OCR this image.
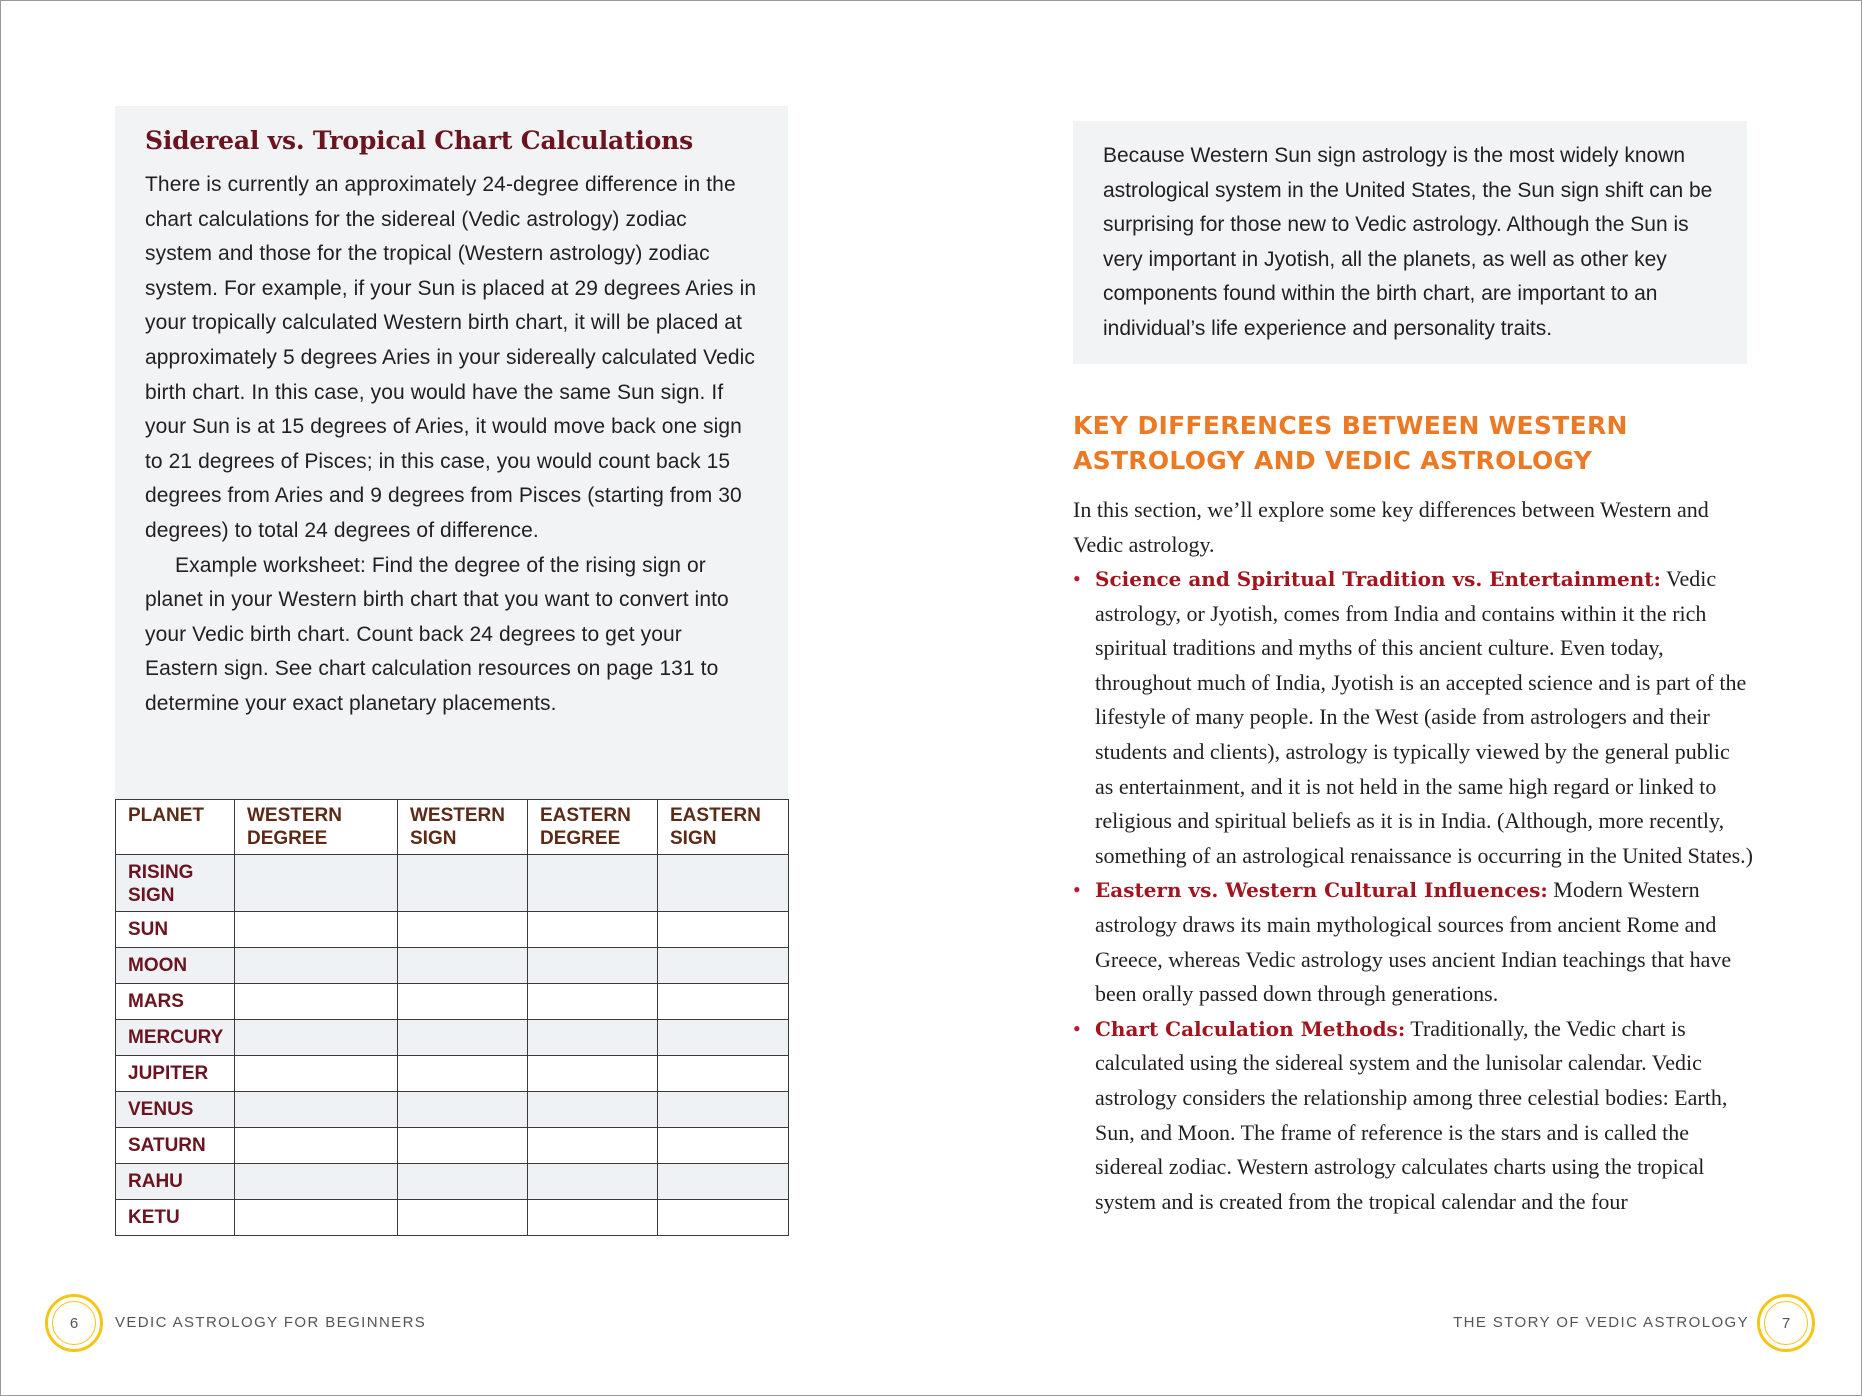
Sidereal vs. Tropical Chart Calculations

There is currently an approximately 24-degree difference in the chart calculations for the sidereal (Vedic astrology) zodiac system and those for the tropical (Western astrology) zodiac system. For example, if your Sun is placed at 29 degrees Aries in your tropically calculated Western birth chart, it will be placed at approximately 5 degrees Aries in your sidereally calculated Vedic birth chart. In this case, you would have the same Sun sign. If your Sun is at 15 degrees of Aries, it would move back one sign to 21 degrees of Pisces; in this case, you would count back 15 degrees from Aries and 9 degrees from Pisces (starting from 30 degrees) to total 24 degrees of difference.

Example worksheet: Find the degree of the rising sign or planet in your Western birth chart that you want to convert into your Vedic birth chart. Count back 24 degrees to get your Eastern sign. See chart calculation resources on page 131 to determine your exact planetary placements.

PLANET	WESTERN DEGREE	WESTERN SIGN	EASTERN DEGREE	EASTERN SIGN
RISING SIGN				
SUN				
MOON				
MARS				
MERCURY				
JUPITER				
VENUS				
SATURN				
RAHU				
KETU				
6 VEDIC ASTROLOGY FOR BEGINNERS

Because Western Sun sign astrology is the most widely known astrological system in the United States, the Sun sign shift can be surprising for those new to Vedic astrology. Although the Sun is very important in Jyotish, all the planets, as well as other key components found within the birth chart, are important to an individual’s life experience and personality traits.

KEY DIFFERENCES BETWEEN WESTERN ASTROLOGY AND VEDIC ASTROLOGY

In this section, we’ll explore some key differences between Western and Vedic astrology.

• Science and Spiritual Tradition vs. Entertainment: Vedic astrology, or Jyotish, comes from India and contains within it the rich spiritual traditions and myths of this ancient culture. Even today, throughout much of India, Jyotish is an accepted science and is part of the lifestyle of many people. In the West (aside from astrologers and their students and clients), astrology is typically viewed by the general public as entertainment, and it is not held in the same high regard or linked to religious and spiritual beliefs as it is in India. (Although, more recently, something of an astrological renaissance is occurring in the United States.)
• Eastern vs. Western Cultural Influences: Modern Western astrology draws its main mythological sources from ancient Rome and Greece, whereas Vedic astrology uses ancient Indian teachings that have been orally passed down through generations.
• Chart Calculation Methods: Traditionally, the Vedic chart is calculated using the sidereal system and the lunisolar calendar. Vedic astrology considers the relationship among three celestial bodies: Earth, Sun, and Moon. The frame of reference is the stars and is called the sidereal zodiac. Western astrology calculates charts using the tropical system and is created from the tropical calendar and the four
THE STORY OF VEDIC ASTROLOGY 7
